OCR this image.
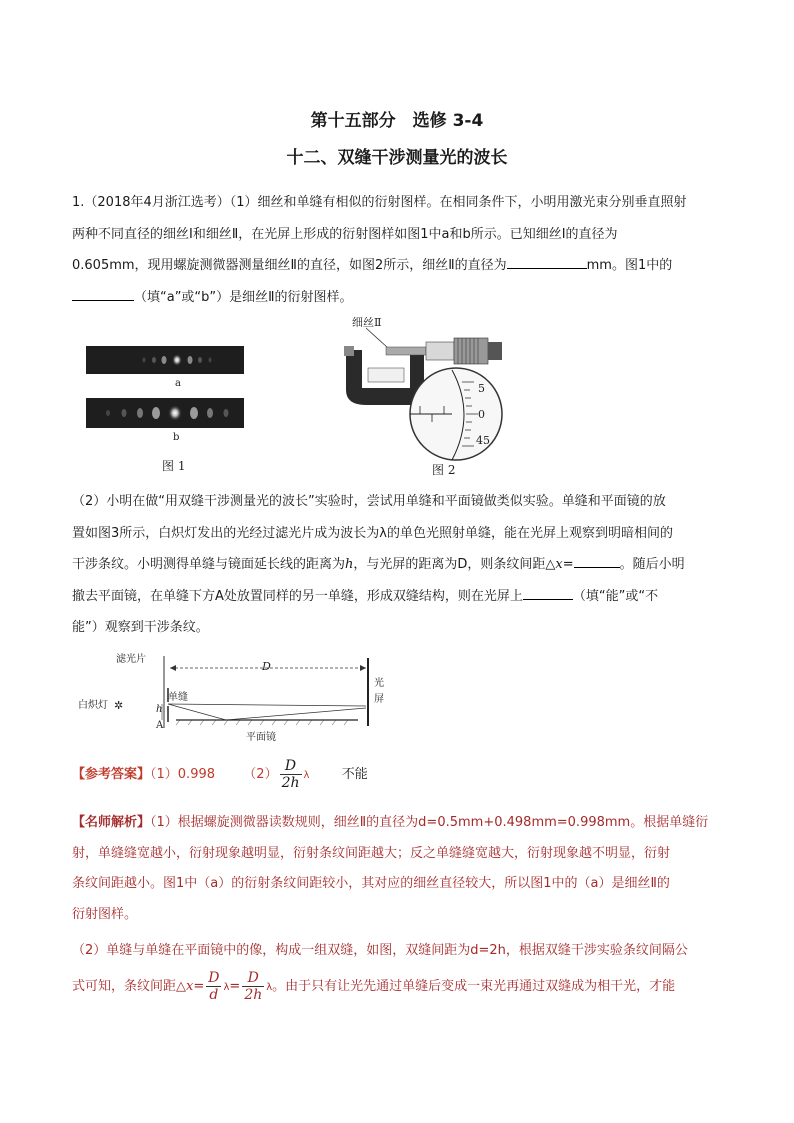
第十五部分　选修 3-4
十二、双缝干涉测量光的波长
1.（2018年4月浙江选考）（1）细丝和单缝有相似的衍射图样。在相同条件下，小明用激光束分别垂直照射
两种不同直径的细丝Ⅰ和细丝Ⅱ，在光屏上形成的衍射图样如图1中a和b所示。已知细丝Ⅰ的直径为
0.605mm，现用螺旋测微器测量细丝Ⅱ的直径，如图2所示，细丝Ⅱ的直径为	mm。图1中的
（填“a”或“b”）是细丝Ⅱ的衍射图样。
a
b
图 1
细丝Ⅱ
5
0
45
图 2
（2）小明在做“用双缝干涉测量光的波长”实验时，尝试用单缝和平面镜做类似实验。单缝和平面镜的放
置如图3所示，白炽灯发出的光经过滤光片成为波长为λ的单色光照射单缝，能在光屏上观察到明暗相间的
干涉条纹。小明测得单缝与镜面延长线的距离为h，与光屏的距离为D，则条纹间距△x=	。随后小明
撤去平面镜，在单缝下方A处放置同样的另一单缝，形成双缝结构，则在光屏上	（填“能”或“不
能”）观察到干涉条纹。
滤光片
白炽灯 ✲
D
单缝
h
A
光
屏
平面镜
【参考答案】（1）0.998 $(2) \frac{D}{2h}$ λ 不能
【名师解析】（1）根据螺旋测微器读数规则，细丝Ⅱ的直径为d=0.5mm+0.498mm=0.998mm。根据单缝衍
射，单缝缝宽越小，衍射现象越明显，衍射条纹间距越大；反之单缝缝宽越大，衍射现象越不明显，衍射
条纹间距越小。图1中（a）的衍射条纹间距较小，其对应的细丝直径较大，所以图1中的（a）是细丝Ⅱ的
衍射图样。
（2）单缝与单缝在平面镜中的像，构成一组双缝，如图，双缝间距为d=2h，根据双缝干涉实验条纹间隔公
式可知，条纹间距△x= $\frac{D}{d} \lambda= \frac{D}{2h}$ λ。由于只有让光先通过单缝后变成一束光再通过双缝成为相干光，才能
